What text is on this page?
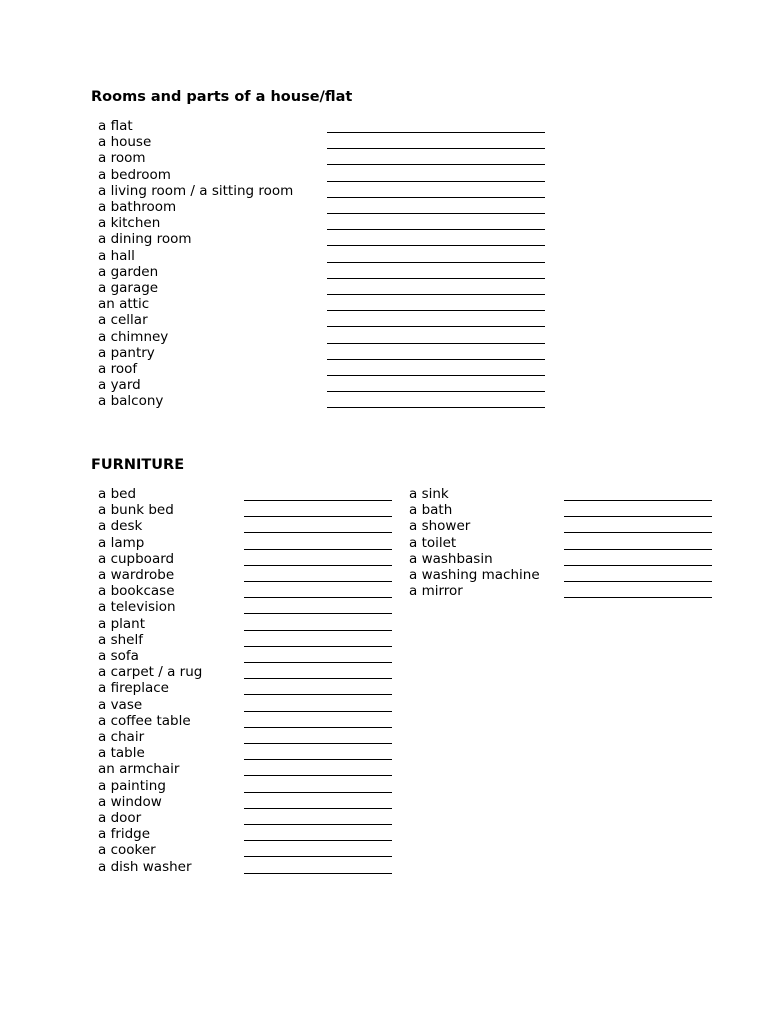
Rooms and parts of a house/flat
a flat
a house
a room
a bedroom
a living room / a sitting room
a bathroom
a kitchen
a dining room
a hall
a garden
a garage
an attic
a cellar
a chimney
a pantry
a roof
a yard
a balcony
FURNITURE
a bed
a bunk bed
a desk
a lamp
a cupboard
a wardrobe
a bookcase
a television
a plant
a shelf
a sofa
a carpet / a rug
a fireplace
a vase
a coffee table
a chair
a table
an armchair
a painting
a window
a door
a fridge
a cooker
a dish washer
a sink
a bath
a shower
a toilet
a washbasin
a washing machine
a mirror
